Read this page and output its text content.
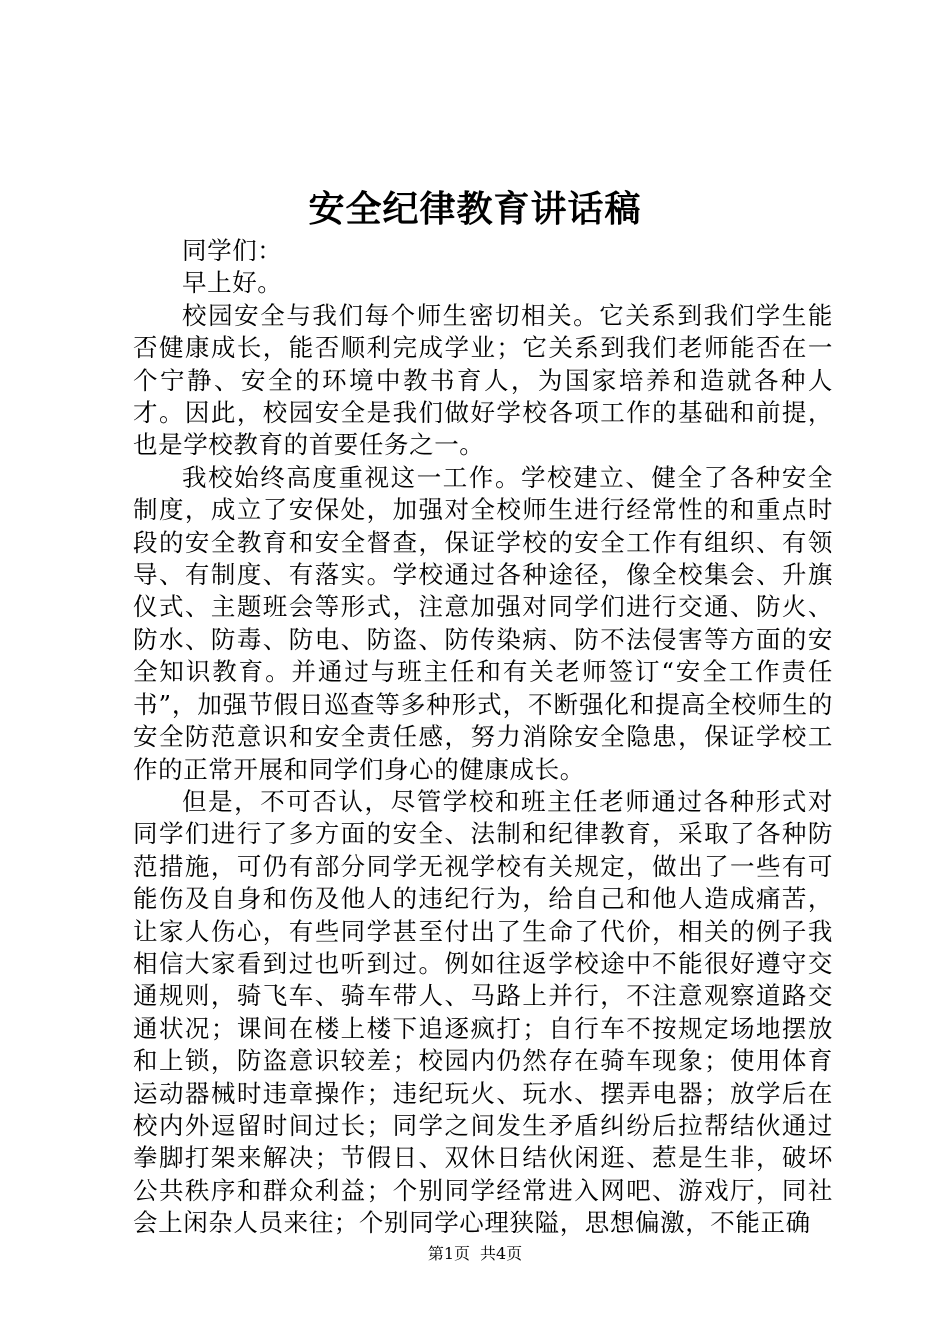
安全纪律教育讲话稿

同学们：

早上好。

校园安全与我们每个师生密切相关。它关系到我们学生能否健康成长，能否顺利完成学业；它关系到我们老师能否在一个宁静、安全的环境中教书育人，为国家培养和造就各种人才。因此，校园安全是我们做好学校各项工作的基础和前提，也是学校教育的首要任务之一。

我校始终高度重视这一工作。学校建立、健全了各种安全制度，成立了安保处，加强对全校师生进行经常性的和重点时段的安全教育和安全督查，保证学校的安全工作有组织、有领导、有制度、有落实。学校通过各种途径，像全校集会、升旗仪式、主题班会等形式，注意加强对同学们进行交通、防火、防水、防毒、防电、防盗、防传染病、防不法侵害等方面的安全知识教育。并通过与班主任和有关老师签订“安全工作责任书”，加强节假日巡查等多种形式，不断强化和提高全校师生的安全防范意识和安全责任感，努力消除安全隐患，保证学校工作的正常开展和同学们身心的健康成长。

但是，不可否认，尽管学校和班主任老师通过各种形式对同学们进行了多方面的安全、法制和纪律教育，采取了各种防范措施，可仍有部分同学无视学校有关规定，做出了一些有可能伤及自身和伤及他人的违纪行为，给自己和他人造成痛苦，让家人伤心，有些同学甚至付出了生命了代价，相关的例子我相信大家看到过也听到过。例如往返学校途中不能很好遵守交通规则，骑飞车、骑车带人、马路上并行，不注意观察道路交通状况；课间在楼上楼下追逐疯打；自行车不按规定场地摆放和上锁，防盗意识较差；校园内仍然存在骑车现象；使用体育运动器械时违章操作；违纪玩火、玩水、摆弄电器；放学后在校内外逗留时间过长；同学之间发生矛盾纠纷后拉帮结伙通过拳脚打架来解决；节假日、双休日结伙闲逛、惹是生非，破坏公共秩序和群众利益；个别同学经常进入网吧、游戏厅，同社会上闲杂人员来往；个别同学心理狭隘，思想偏激，不能正确

第1页 共4页
